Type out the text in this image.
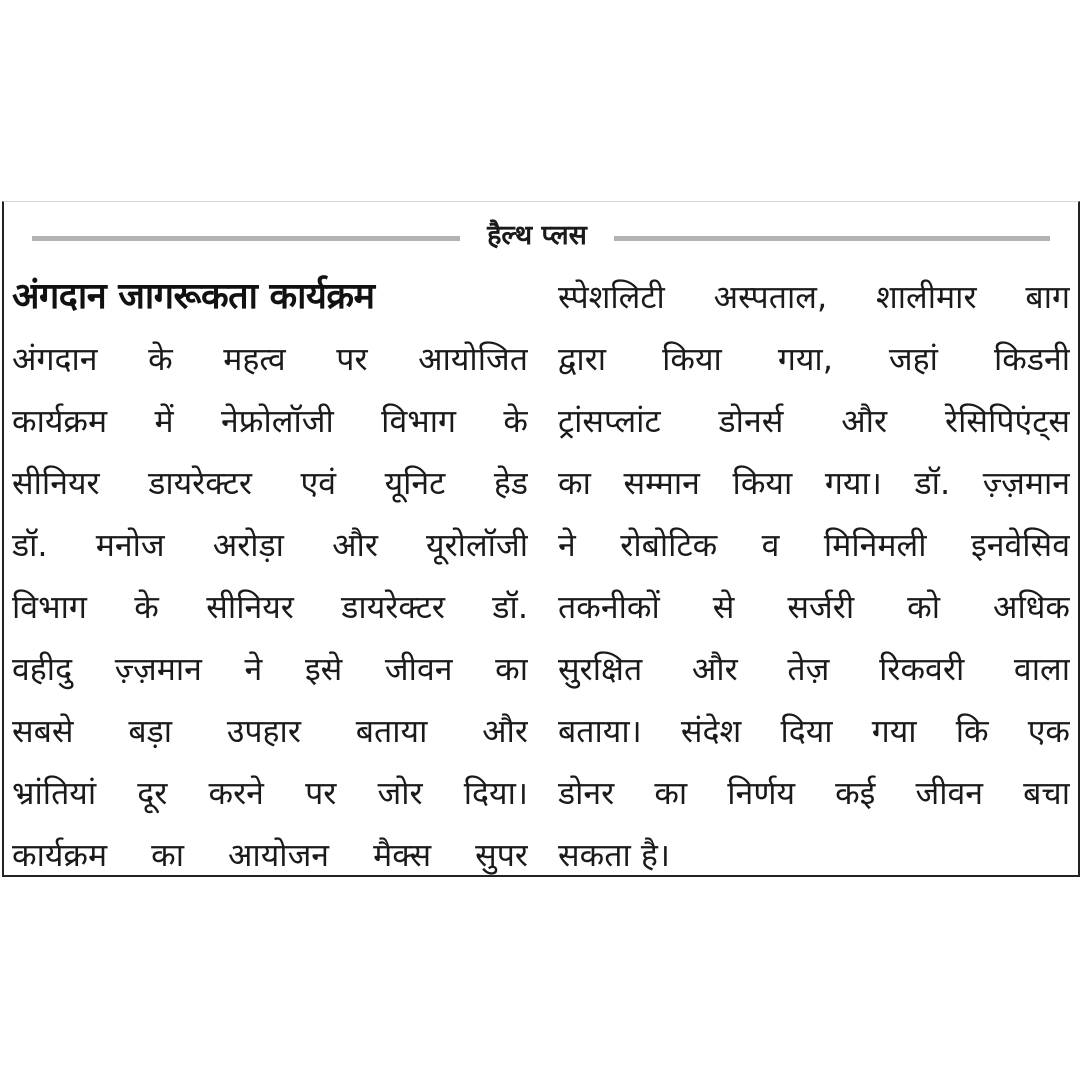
हैल्थ प्लस
अंगदान जागरूकता कार्यक्रम
अंगदान के महत्व पर आयोजित
कार्यक्रम में नेफ्रोलॉजी विभाग के
सीनियर डायरेक्टर एवं यूनिट हेड
डॉ. मनोज अरोड़ा और यूरोलॉजी
विभाग के सीनियर डायरेक्टर डॉ.
वहीदु ज़्ज़मान ने इसे जीवन का
सबसे बड़ा उपहार बताया और
भ्रांतियां दूर करने पर जोर दिया।
कार्यक्रम का आयोजन मैक्स सुपर
स्पेशलिटी अस्पताल, शालीमार बाग
द्वारा किया गया, जहां किडनी
ट्रांसप्लांट डोनर्स और रेसिपिएंट्स
का सम्मान किया गया। डॉ. ज़्ज़मान
ने रोबोटिक व मिनिमली इनवेसिव
तकनीकों से सर्जरी को अधिक
सुरक्षित और तेज़ रिकवरी वाला
बताया। संदेश दिया गया कि एक
डोनर का निर्णय कई जीवन बचा
सकता है।
